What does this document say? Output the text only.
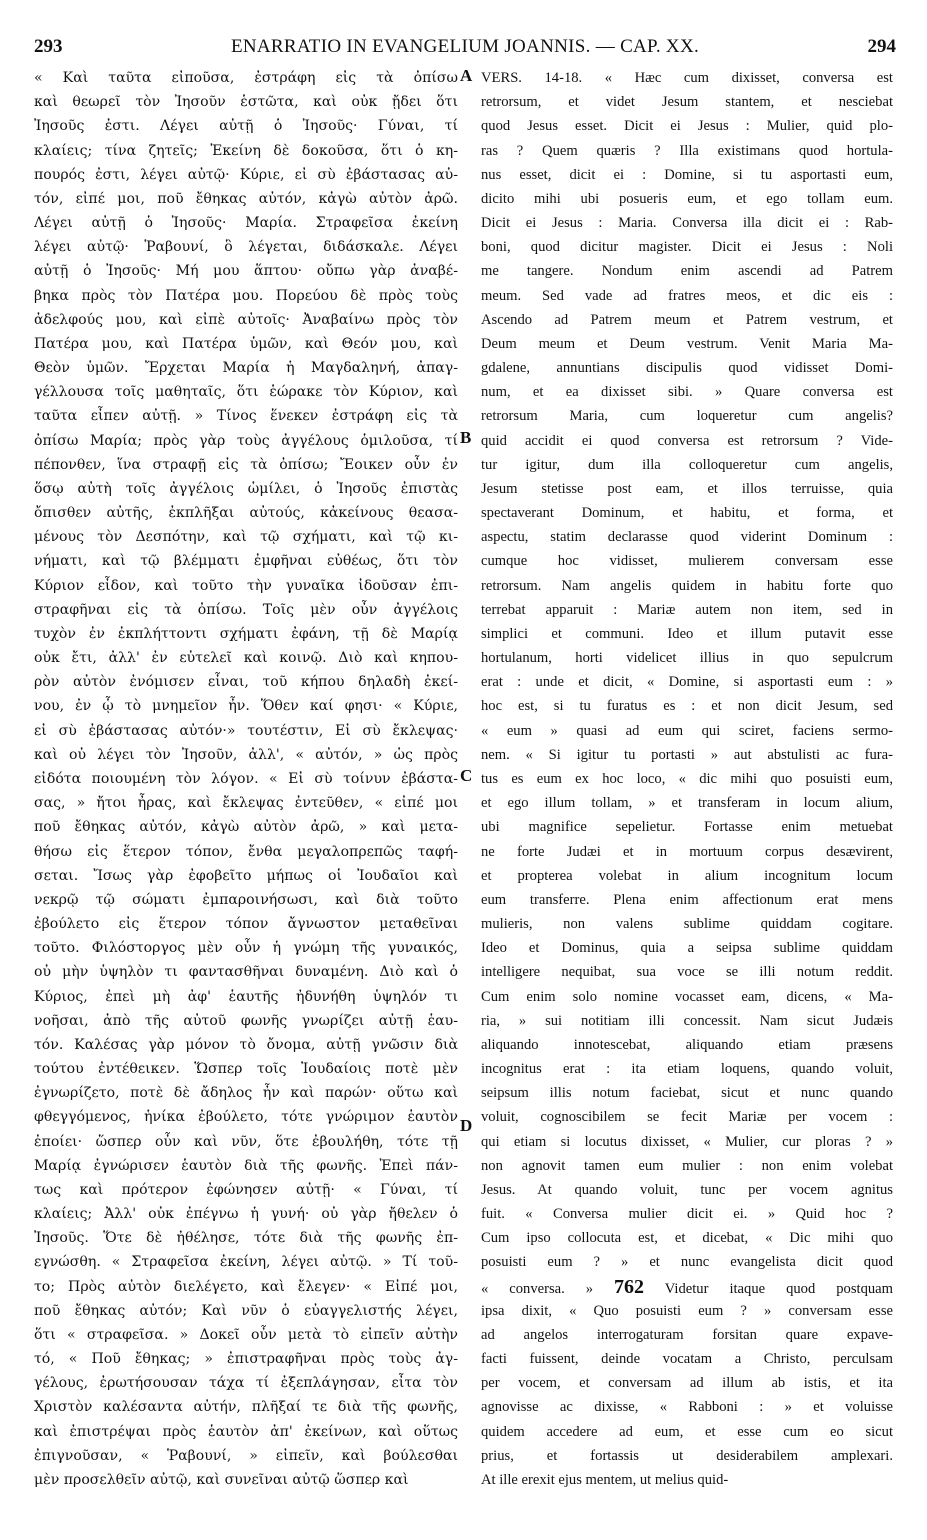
293	ENARRATIO IN EVANGELIUM JOANNIS. — CAP. XX.	294
« Καὶ ταῦτα εἰποῦσα, ἐστράφη εἰς τὰ ὀπίσω
καὶ θεωρεῖ τὸν Ἰησοῦν ἑστῶτα, καὶ οὐκ ᾔδει ὅτι
Ἰησοῦς ἐστι. Λέγει αὐτῇ ὁ Ἰησοῦς· Γύναι, τί
κλαίεις; τίνα ζητεῖς; Ἐκείνη δὲ δοκοῦσα, ὅτι ὁ κη-
πουρός ἐστι, λέγει αὐτῷ· Κύριε, εἰ σὺ ἐβάστασας αὐ-
τόν, εἰπέ μοι, ποῦ ἔθηκας αὐτόν, κἀγὼ αὐτὸν ἀρῶ.
Λέγει αὐτῇ ὁ Ἰησοῦς· Μαρία. Στραφεῖσα ἐκείνη
λέγει αὐτῷ· Ῥαβουνί, ὃ λέγεται, διδάσκαλε. Λέγει
αὐτῇ ὁ Ἰησοῦς· Μή μου ἅπτου· οὔπω γὰρ ἀναβέ-
βηκα πρὸς τὸν Πατέρα μου. Πορεύου δὲ πρὸς τοὺς
ἀδελφούς μου, καὶ εἰπὲ αὐτοῖς· Ἀναβαίνω πρὸς τὸν
Πατέρα μου, καὶ Πατέρα ὑμῶν, καὶ Θεόν μου, καὶ
Θεὸν ὑμῶν. Ἔρχεται Μαρία ἡ Μαγδαληνή, ἀπαγ-
γέλλουσα τοῖς μαθηταῖς, ὅτι ἑώρακε τὸν Κύριον, καὶ
ταῦτα εἶπεν αὐτῇ. » Τίνος ἕνεκεν ἐστράφη εἰς τὰ
ὀπίσω Μαρία; πρὸς γὰρ τοὺς ἀγγέλους ὁμιλοῦσα, τί
πέπονθεν, ἵνα στραφῇ εἰς τὰ ὀπίσω; Ἔοικεν οὖν ἐν
ὅσῳ αὐτὴ τοῖς ἀγγέλοις ὡμίλει, ὁ Ἰησοῦς ἐπιστὰς
ὄπισθεν αὐτῆς, ἐκπλῆξαι αὐτούς, κἀκείνους θεασα-
μένους τὸν Δεσπότην, καὶ τῷ σχήματι, καὶ τῷ κι-
νήματι, καὶ τῷ βλέμματι ἐμφῆναι εὐθέως, ὅτι τὸν
Κύριον εἶδον, καὶ τοῦτο τὴν γυναῖκα ἰδοῦσαν ἐπι-
στραφῆναι εἰς τὰ ὀπίσω. Τοῖς μὲν οὖν ἀγγέλοις
τυχὸν ἐν ἐκπλήττοντι σχήματι ἐφάνη, τῇ δὲ Μαρίᾳ
οὐκ ἔτι, ἀλλ' ἐν εὐτελεῖ καὶ κοινῷ. Διὸ καὶ κηπου-
ρὸν αὐτὸν ἐνόμισεν εἶναι, τοῦ κήπου δηλαδὴ ἐκεί-
νου, ἐν ᾧ τὸ μνημεῖον ἦν. Ὅθεν καί φησι· « Κύριε,
εἰ σὺ ἐβάστασας αὐτόν·» τουτέστιν, Εἰ σὺ ἔκλεψας·
καὶ οὐ λέγει τὸν Ἰησοῦν, ἀλλ', « αὐτόν, » ὡς πρὸς
εἰδότα ποιουμένη τὸν λόγον. « Εἰ σὺ τοίνυν ἐβάστα-
σας, » ἤτοι ἦρας, καὶ ἔκλεψας ἐντεῦθεν, « εἰπέ μοι
ποῦ ἔθηκας αὐτόν, κἀγὼ αὐτὸν ἀρῶ, » καὶ μετα-
θήσω εἰς ἕτερον τόπον, ἔνθα μεγαλοπρεπῶς ταφή-
σεται. Ἴσως γὰρ ἐφοβεῖτο μήπως οἱ Ἰουδαῖοι καὶ
νεκρῷ τῷ σώματι ἐμπαροινήσωσι, καὶ διὰ τοῦτο
ἐβούλετο εἰς ἕτερον τόπον ἄγνωστον μεταθεῖναι
τοῦτο. Φιλόστοργος μὲν οὖν ἡ γνώμη τῆς γυναικός,
οὐ μὴν ὑψηλὸν τι φαντασθῆναι δυναμένη. Διὸ καὶ ὁ
Κύριος, ἐπεὶ μὴ ἀφ' ἑαυτῆς ἠδυνήθη ὑψηλόν τι
νοῆσαι, ἀπὸ τῆς αὐτοῦ φωνῆς γνωρίζει αὐτῇ ἑαυ-
τόν. Καλέσας γὰρ μόνον τὸ ὄνομα, αὐτῇ γνῶσιν διὰ
τούτου ἐντέθεικεν. Ὥσπερ τοῖς Ἰουδαίοις ποτὲ μὲν
ἐγνωρίζετο, ποτὲ δὲ ἄδηλος ἦν καὶ παρών· οὕτω καὶ
φθεγγόμενος, ἡνίκα ἐβούλετο, τότε γνώριμον ἑαυτὸν
ἐποίει· ὥσπερ οὖν καὶ νῦν, ὅτε ἐβουλήθη, τότε τῇ
Μαρίᾳ ἐγνώρισεν ἑαυτὸν διὰ τῆς φωνῆς. Ἐπεὶ πάν-
τως καὶ πρότερον ἐφώνησεν αὐτῇ· « Γύναι, τί
κλαίεις; Ἀλλ' οὐκ ἐπέγνω ἡ γυνή· οὐ γὰρ ἤθελεν ὁ
Ἰησοῦς. Ὅτε δὲ ἠθέλησε, τότε διὰ τῆς φωνῆς ἐπ-
εγνώσθη. « Στραφεῖσα ἐκείνη, λέγει αὐτῷ. » Τί τοῦ-
το; Πρὸς αὐτὸν διελέγετο, καὶ ἔλεγεν· « Εἰπέ μοι,
ποῦ ἔθηκας αὐτόν; Καὶ νῦν ὁ εὐαγγελιστής λέγει,
ὅτι « στραφεῖσα. » Δοκεῖ οὖν μετὰ τὸ εἰπεῖν αὐτὴν
τό, « Ποῦ ἔθηκας; » ἐπιστραφῆναι πρὸς τοὺς ἀγ-
γέλους, ἐρωτήσουσαν τάχα τί ἐξεπλάγησαν, εἶτα τὸν
Χριστὸν καλέσαντα αὐτήν, πλῆξαί τε διὰ τῆς φωνῆς,
καὶ ἐπιστρέψαι πρὸς ἑαυτὸν ἀπ' ἐκείνων, καὶ οὕτως
ἐπιγνοῦσαν, « Ῥαβουνί, » εἰπεῖν, καὶ βούλεσθαι
μὲν προσελθεῖν αὐτῷ, καὶ συνεῖναι αὐτῷ ὥσπερ καὶ
VERS. 14-18. « Hæc cum dixisset, conversa est
retrorsum, et videt Jesum stantem, et nesciebat
quod Jesus esset. Dicit ei Jesus : Mulier, quid plo-
ras ? Quem quæris ? Illa existimans quod hortula-
nus esset, dicit ei : Domine, si tu asportasti eum,
dicito mihi ubi posueris eum, et ego tollam eum.
Dicit ei Jesus : Maria. Conversa illa dicit ei : Rab-
boni, quod dicitur magister. Dicit ei Jesus : Noli
me tangere. Nondum enim ascendi ad Patrem
meum. Sed vade ad fratres meos, et dic eis :
Ascendo ad Patrem meum et Patrem vestrum, et
Deum meum et Deum vestrum. Venit Maria Ma-
gdalene, annuntians discipulis quod vidisset Domi-
num, et ea dixisset sibi. » Quare conversa est
retrorsum Maria, cum loqueretur cum angelis?
quid accidit ei quod conversa est retrorsum ? Vide-
tur igitur, dum illa colloqueretur cum angelis,
Jesum stetisse post eam, et illos terruisse, quia
spectaverant Dominum, et habitu, et forma, et
aspectu, statim declarasse quod viderint Dominum :
cumque hoc vidisset, mulierem conversam esse
retrorsum. Nam angelis quidem in habitu forte quo
terrebat apparuit : Mariæ autem non item, sed in
simplici et communi. Ideo et illum putavit esse
hortulanum, horti videlicet illius in quo sepulcrum
erat : unde et dicit, « Domine, si asportasti eum : »
hoc est, si tu furatus es : et non dicit Jesum, sed
« eum » quasi ad eum qui sciret, faciens sermo-
nem. « Si igitur tu portasti » aut abstulisti ac fura-
tus es eum ex hoc loco, « dic mihi quo posuisti eum,
et ego illum tollam, » et transferam in locum alium,
ubi magnifice sepelietur. Fortasse enim metuebat
ne forte Judæi et in mortuum corpus desævirent,
et propterea volebat in alium incognitum locum
eum transferre. Plena enim affectionum erat mens
mulieris, non valens sublime quiddam cogitare.
Ideo et Dominus, quia a seipsa sublime quiddam
intelligere nequibat, sua voce se illi notum reddit.
Cum enim solo nomine vocasset eam, dicens, « Ma-
ria, » sui notitiam illi concessit. Nam sicut Judæis
aliquando innotescebat, aliquando etiam præsens
incognitus erat : ita etiam loquens, quando voluit,
seipsum illis notum faciebat, sicut et nunc quando
voluit, cognoscibilem se fecit Mariæ per vocem :
qui etiam si locutus dixisset, « Mulier, cur ploras ? »
non agnovit tamen eum mulier : non enim volebat
Jesus. At quando voluit, tunc per vocem agnitus
fuit. « Conversa mulier dicit ei. » Quid hoc ?
Cum ipso collocuta est, et dicebat, « Dic mihi quo
posuisti eum ? » et nunc evangelista dicit quod
« conversa. » 762 Videtur itaque quod postquam
ipsa dixit, « Quo posuisti eum ? » conversam esse
ad angelos interrogaturam forsitan quare expave-
facti fuissent, deinde vocatam a Christo, perculsam
per vocem, et conversam ad illum ab istis, et ita
agnovisse ac dixisse, « Rabboni : » et voluisse
quidem accedere ad eum, et esse cum eo sicut
prius, et fortassis ut desiderabilem amplexari.
At ille erexit ejus mentem, ut melius quid-
A
B
C
D
